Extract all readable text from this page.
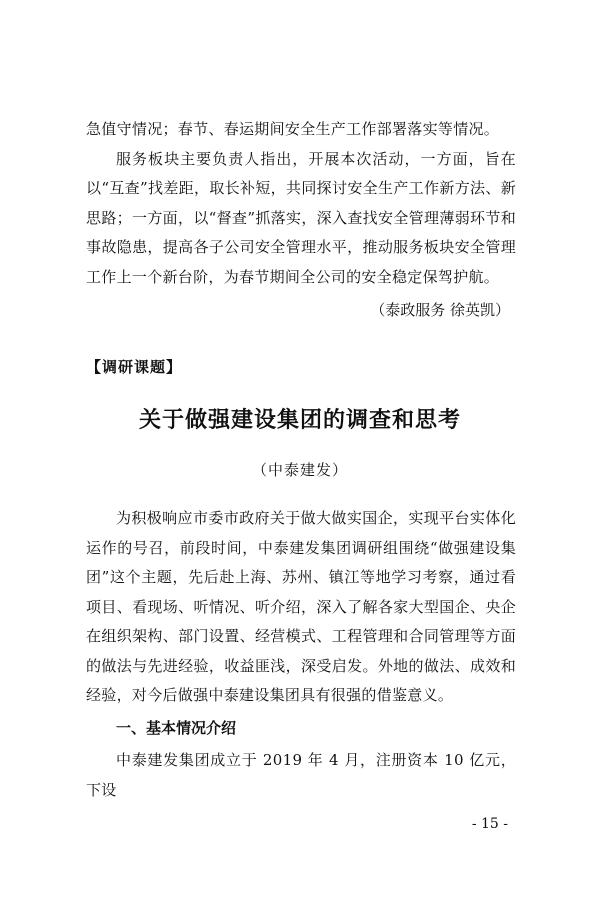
急值守情况；春节、春运期间安全生产工作部署落实等情况。

服务板块主要负责人指出，开展本次活动，一方面，旨在以“互查”找差距，取长补短，共同探讨安全生产工作新方法、新思路；一方面，以“督查”抓落实，深入查找安全管理薄弱环节和事故隐患，提高各子公司安全管理水平，推动服务板块安全管理工作上一个新台阶，为春节期间全公司的安全稳定保驾护航。

（泰政服务 徐英凯）
【调研课题】
关于做强建设集团的调查和思考
（中泰建发）

为积极响应市委市政府关于做大做实国企，实现平台实体化运作的号召，前段时间，中泰建发集团调研组围绕“做强建设集团”这个主题，先后赴上海、苏州、镇江等地学习考察，通过看项目、看现场、听情况、听介绍，深入了解各家大型国企、央企在组织架构、部门设置、经营模式、工程管理和合同管理等方面的做法与先进经验，收益匪浅，深受启发。外地的做法、成效和经验，对今后做强中泰建设集团具有很强的借鉴意义。

一、基本情况介绍

中泰建发集团成立于 2019 年 4 月，注册资本 10 亿元，下设

- 15 -
